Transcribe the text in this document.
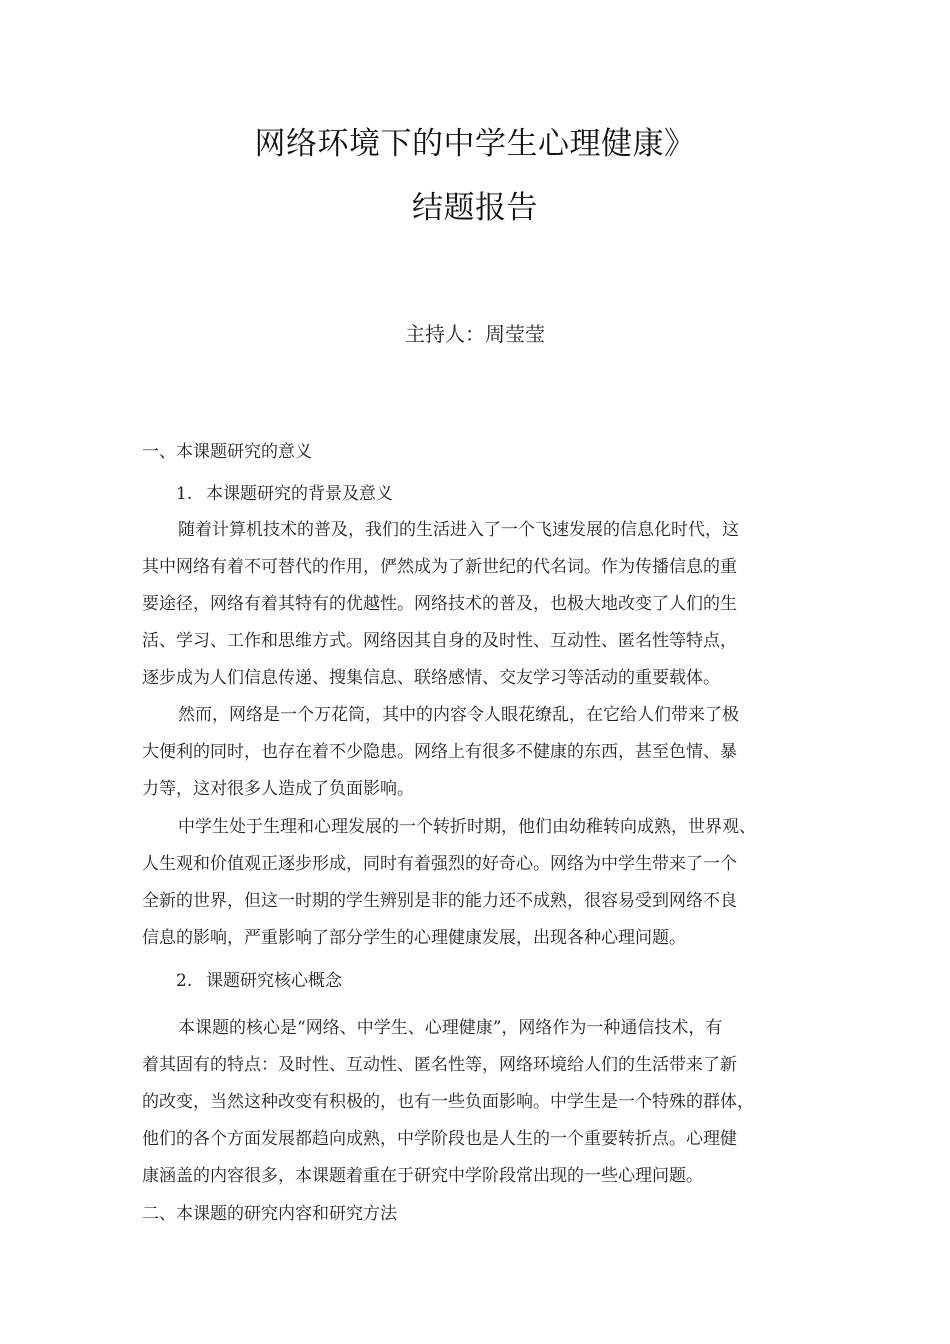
网络环境下的中学生心理健康》
结题报告
主持人：周莹莹
一、本课题研究的意义
1. 本课题研究的背景及意义
随着计算机技术的普及，我们的生活进入了一个飞速发展的信息化时代，这
其中网络有着不可替代的作用，俨然成为了新世纪的代名词。作为传播信息的重
要途径，网络有着其特有的优越性。网络技术的普及，也极大地改变了人们的生
活、学习、工作和思维方式。网络因其自身的及时性、互动性、匿名性等特点，
逐步成为人们信息传递、搜集信息、联络感情、交友学习等活动的重要载体。
然而，网络是一个万花筒，其中的内容令人眼花缭乱，在它给人们带来了极
大便利的同时，也存在着不少隐患。网络上有很多不健康的东西，甚至色情、暴
力等，这对很多人造成了负面影响。
中学生处于生理和心理发展的一个转折时期，他们由幼稚转向成熟，世界观、
人生观和价值观正逐步形成，同时有着强烈的好奇心。网络为中学生带来了一个
全新的世界，但这一时期的学生辨别是非的能力还不成熟，很容易受到网络不良
信息的影响，严重影响了部分学生的心理健康发展，出现各种心理问题。
2. 课题研究核心概念
本课题的核心是“网络、中学生、心理健康”，网络作为一种通信技术，有
着其固有的特点：及时性、互动性、匿名性等，网络环境给人们的生活带来了新
的改变，当然这种改变有积极的，也有一些负面影响。中学生是一个特殊的群体，
他们的各个方面发展都趋向成熟，中学阶段也是人生的一个重要转折点。心理健
康涵盖的内容很多，本课题着重在于研究中学阶段常出现的一些心理问题。
二、本课题的研究内容和研究方法
